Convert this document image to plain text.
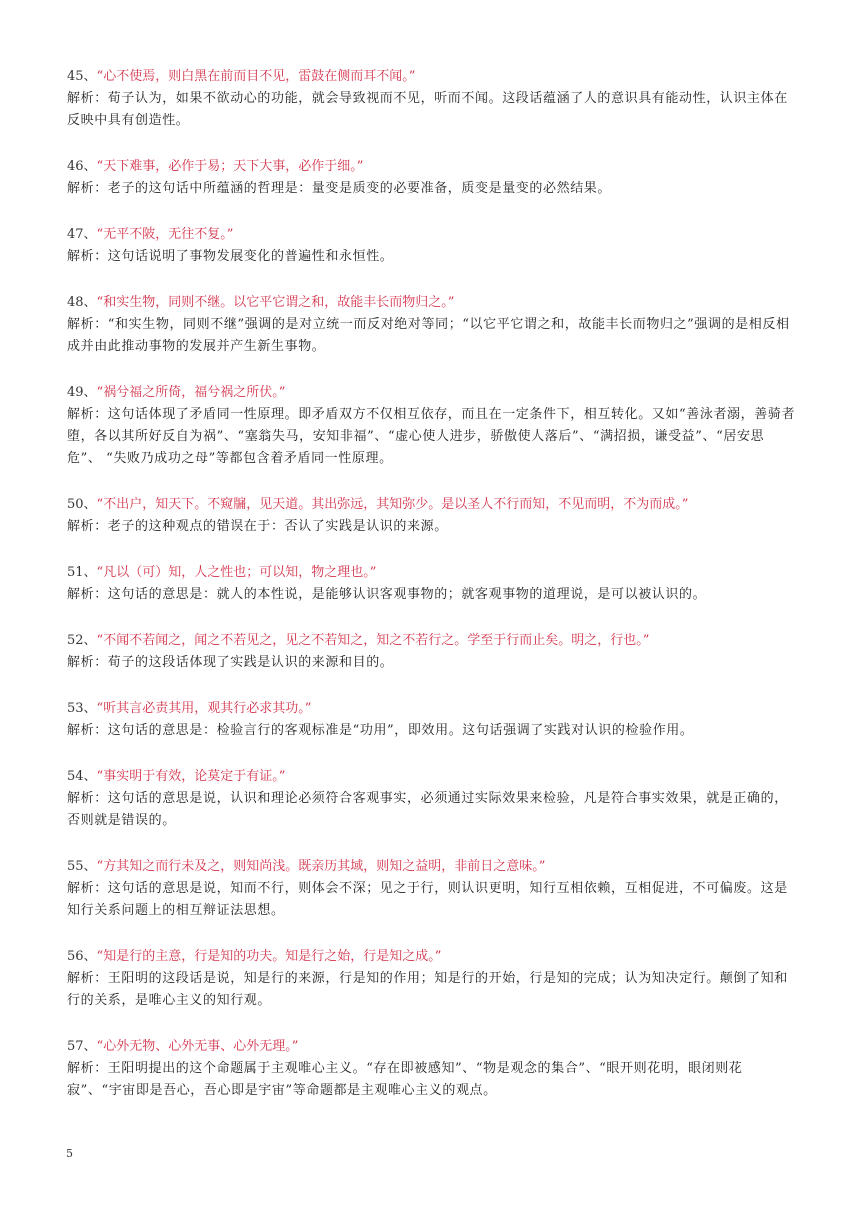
45、“心不使焉，则白黑在前而目不见，雷鼓在侧而耳不闻。”
解析：荀子认为，如果不欲动心的功能，就会导致视而不见，听而不闻。这段话蕴涵了人的意识具有能动性，认识主体在反映中具有创造性。
46、“天下难事，必作于易；天下大事，必作于细。”
解析：老子的这句话中所蕴涵的哲理是：量变是质变的必要准备，质变是量变的必然结果。
47、“无平不陂，无往不复。”
解析：这句话说明了事物发展变化的普遍性和永恒性。
48、“和实生物，同则不继。以它平它谓之和，故能丰长而物归之。”
解析：“和实生物，同则不继”强调的是对立统一而反对绝对等同；“以它平它谓之和，故能丰长而物归之”强调的是相反相成并由此推动事物的发展并产生新生事物。
49、“祸兮福之所倚，福兮祸之所伏。”
解析：这句话体现了矛盾同一性原理。即矛盾双方不仅相互依存，而且在一定条件下，相互转化。又如“善泳者溺，善骑者堕，各以其所好反自为祸”、“塞翁失马，安知非福”、“虚心使人进步，骄傲使人落后”、“满招损，谦受益”、“居安思危”、 “失败乃成功之母”等都包含着矛盾同一性原理。
50、“不出户，知天下。不窥牖，见天道。其出弥远，其知弥少。是以圣人不行而知，不见而明，不为而成。”
解析：老子的这种观点的错误在于：否认了实践是认识的来源。
51、“凡以（可）知，人之性也；可以知，物之理也。”
解析：这句话的意思是：就人的本性说，是能够认识客观事物的；就客观事物的道理说，是可以被认识的。
52、“不闻不若闻之，闻之不若见之，见之不若知之，知之不若行之。学至于行而止矣。明之，行也。”
解析：荀子的这段话体现了实践是认识的来源和目的。
53、“听其言必责其用，观其行必求其功。”
解析：这句话的意思是：检验言行的客观标准是“功用”，即效用。这句话强调了实践对认识的检验作用。
54、“事实明于有效，论莫定于有证。”
解析：这句话的意思是说，认识和理论必须符合客观事实，必须通过实际效果来检验，凡是符合事实效果，就是正确的，否则就是错误的。
55、“方其知之而行未及之，则知尚浅。既亲历其域，则知之益明，非前日之意味。”
解析：这句话的意思是说，知而不行，则体会不深；见之于行，则认识更明，知行互相依赖，互相促进，不可偏废。这是知行关系问题上的相互辩证法思想。
56、“知是行的主意，行是知的功夫。知是行之始，行是知之成。”
解析：王阳明的这段话是说，知是行的来源，行是知的作用；知是行的开始，行是知的完成；认为知决定行。颠倒了知和行的关系，是唯心主义的知行观。
57、“心外无物、心外无事、心外无理。”
解析：王阳明提出的这个命题属于主观唯心主义。“存在即被感知”、“物是观念的集合”、“眼开则花明，眼闭则花寂”、“宇宙即是吾心，吾心即是宇宙”等命题都是主观唯心主义的观点。
5
